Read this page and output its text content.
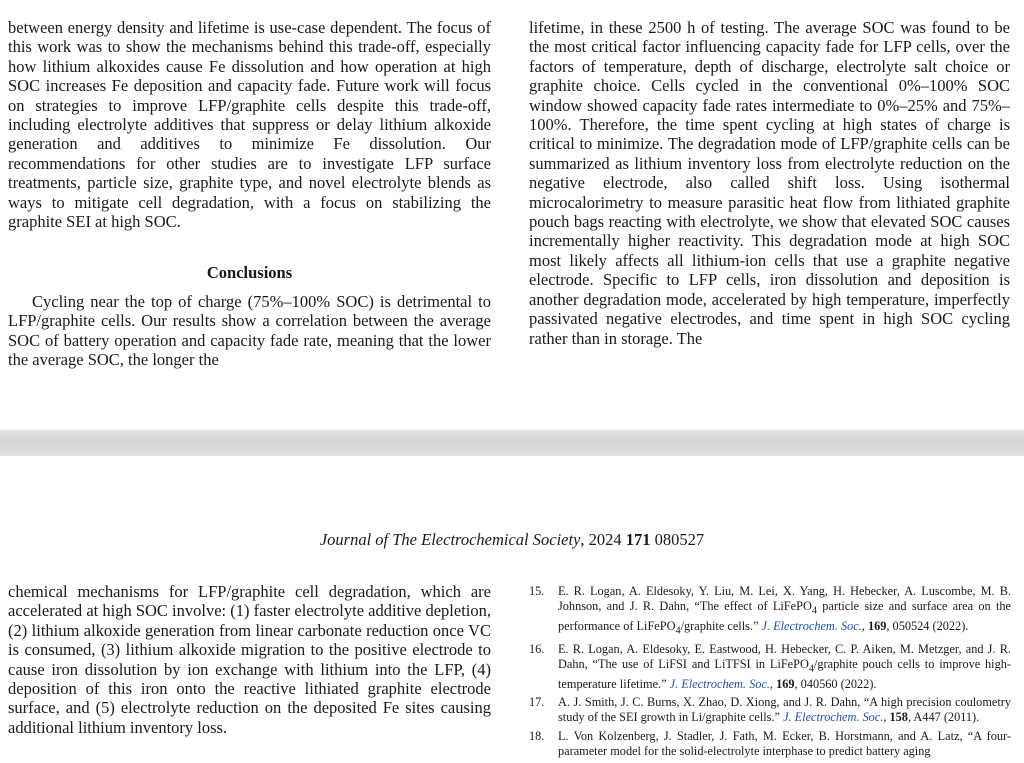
between energy density and lifetime is use-case dependent. The focus of this work was to show the mechanisms behind this trade-off, especially how lithium alkoxides cause Fe dissolution and how operation at high SOC increases Fe deposition and capacity fade. Future work will focus on strategies to improve LFP/graphite cells despite this trade-off, including electrolyte additives that suppress or delay lithium alkoxide generation and additives to minimize Fe dissolution. Our recommendations for other studies are to investigate LFP surface treatments, particle size, graphite type, and novel electrolyte blends as ways to mitigate cell degradation, with a focus on stabilizing the graphite SEI at high SOC.

Conclusions

Cycling near the top of charge (75%–100% SOC) is detrimental to LFP/graphite cells. Our results show a correlation between the average SOC of battery operation and capacity fade rate, meaning that the lower the average SOC, the longer the

lifetime, in these 2500 h of testing. The average SOC was found to be the most critical factor influencing capacity fade for LFP cells, over the factors of temperature, depth of discharge, electrolyte salt choice or graphite choice. Cells cycled in the conventional 0%–100% SOC window showed capacity fade rates intermediate to 0%–25% and 75%–100%. Therefore, the time spent cycling at high states of charge is critical to minimize. The degradation mode of LFP/graphite cells can be summarized as lithium inventory loss from electrolyte reduction on the negative electrode, also called shift loss. Using isothermal microcalorimetry to measure parasitic heat flow from lithiated graphite pouch bags reacting with electrolyte, we show that elevated SOC causes incrementally higher reactivity. This degradation mode at high SOC most likely affects all lithium-ion cells that use a graphite negative electrode. Specific to LFP cells, iron dissolution and deposition is another degradation mode, accelerated by high temperature, imperfectly passivated negative electrodes, and time spent in high SOC cycling rather than in storage. The

Journal of The Electrochemical Society, 2024 171 080527

chemical mechanisms for LFP/graphite cell degradation, which are accelerated at high SOC involve: (1) faster electrolyte additive depletion, (2) lithium alkoxide generation from linear carbonate reduction once VC is consumed, (3) lithium alkoxide migration to the positive electrode to cause iron dissolution by ion exchange with lithium into the LFP, (4) deposition of this iron onto the reactive lithiated graphite electrode surface, and (5) electrolyte reduction on the deposited Fe sites causing additional lithium inventory loss.

15. E. R. Logan, A. Eldesoky, Y. Liu, M. Lei, X. Yang, H. Hebecker, A. Luscombe, M. B. Johnson, and J. R. Dahn, “The effect of LiFePO$_4$ particle size and surface area on the performance of LiFePO$_4$/graphite cells.” J. Electrochem. Soc., 169, 050524 (2022).
16. E. R. Logan, A. Eldesoky, E. Eastwood, H. Hebecker, C. P. Aiken, M. Metzger, and J. R. Dahn, “The use of LiFSI and LiTFSI in LiFePO$_4$/graphite pouch cells to improve high-temperature lifetime.” J. Electrochem. Soc., 169, 040560 (2022).
17. A. J. Smith, J. C. Burns, X. Zhao, D. Xiong, and J. R. Dahn, “A high precision coulometry study of the SEI growth in Li/graphite cells.” J. Electrochem. Soc., 158, A447 (2011).
18. L. Von Kolzenberg, J. Stadler, J. Fath, M. Ecker, B. Horstmann, and A. Latz, “A four-parameter model for the solid-electrolyte interphase to predict battery aging
